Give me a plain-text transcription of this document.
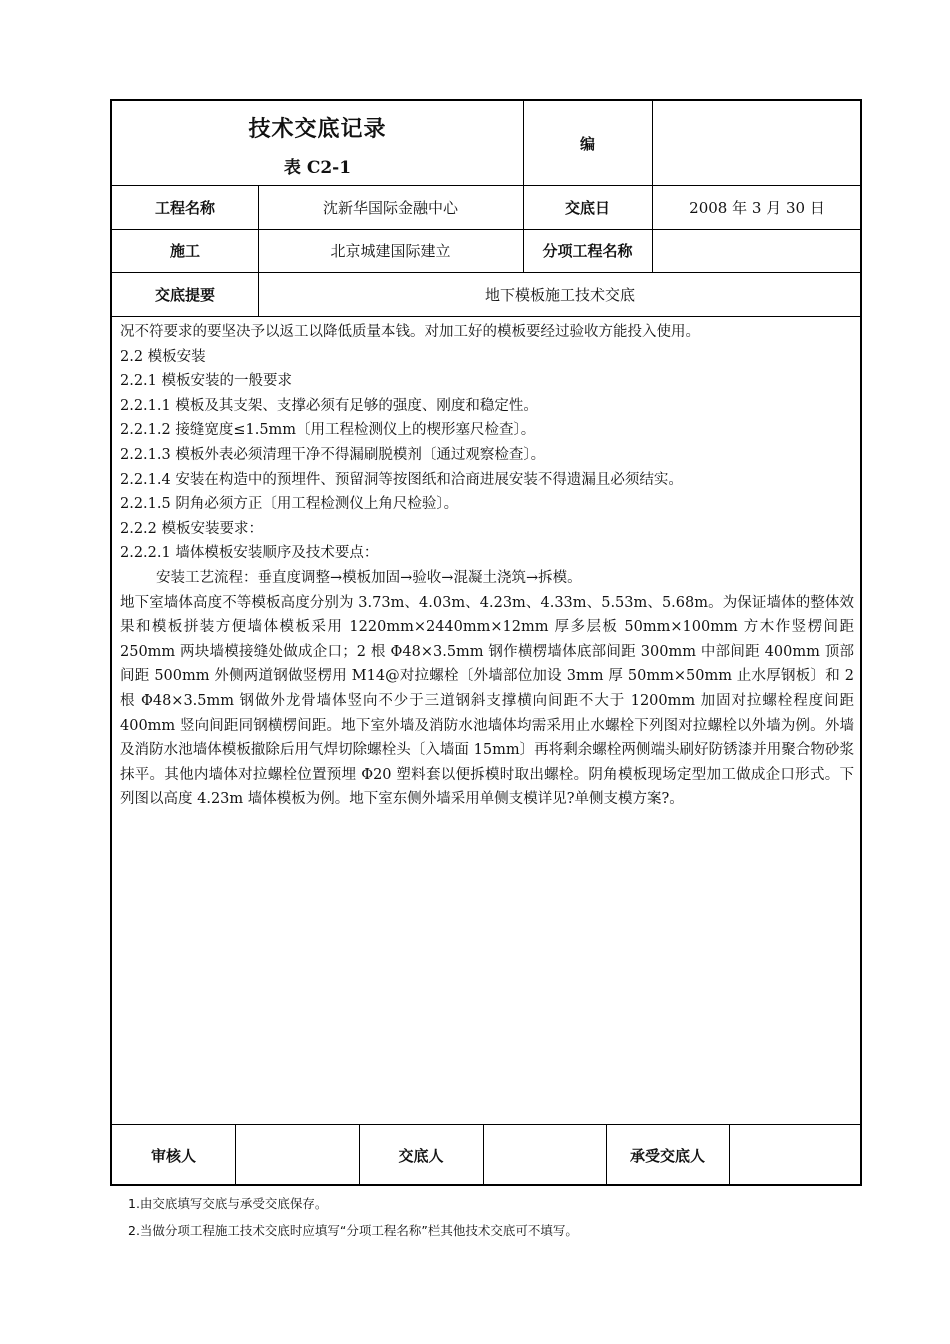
技术交底记录
表 C2-1
编
工程名称	沈新华国际金融中心	交底日	2008 年 3 月 30 日
施工	北京城建国际建立	分项工程名称
交底提要	地下模板施工技术交底

况不符要求的要坚决予以返工以降低质量本钱。对加工好的模板要经过验收方能投入使用。

2.2 模板安装

2.2.1 模板安装的一般要求

2.2.1.1 模板及其支架、支撑必须有足够的强度、刚度和稳定性。

2.2.1.2 接缝宽度≤1.5mm〔用工程检测仪上的楔形塞尺检查〕。

2.2.1.3 模板外表必须清理干净不得漏刷脱模剂〔通过观察检查〕。

2.2.1.4 安装在构造中的预埋件、预留洞等按图纸和洽商进展安装不得遗漏且必须结实。

2.2.1.5 阴角必须方正〔用工程检测仪上角尺检验〕。

2.2.2 模板安装要求：

2.2.2.1 墙体模板安装顺序及技术要点：

安装工艺流程：垂直度调整→模板加固→验收→混凝土浇筑→拆模。

地下室墙体高度不等模板高度分别为 3.73m、4.03m、4.23m、4.33m、5.53m、5.68m。为保证墙体的整体效果和模板拼装方便墙体模板采用 1220mm×2440mm×12mm 厚多层板 50mm×100mm 方木作竖楞间距 250mm 两块墙模接缝处做成企口；2 根 Φ48×3.5mm 钢作横楞墙体底部间距 300mm 中部间距 400mm 顶部间距 500mm 外侧两道钢做竖楞用 M14@对拉螺栓〔外墙部位加设 3mm 厚 50mm×50mm 止水厚钢板〕和 2 根 Φ48×3.5mm 钢做外龙骨墙体竖向不少于三道钢斜支撑横向间距不大于 1200mm 加固对拉螺栓程度间距 400mm 竖向间距同钢横楞间距。地下室外墙及消防水池墙体均需采用止水螺栓下列图对拉螺栓以外墙为例。外墙及消防水池墙体模板撤除后用气焊切除螺栓头〔入墙面 15mm〕再将剩余螺栓两侧端头刷好防锈漆并用聚合物砂浆抹平。其他内墙体对拉螺栓位置预埋 Φ20 塑料套以便拆模时取出螺栓。阴角模板现场定型加工做成企口形式。下列图以高度 4.23m 墙体模板为例。地下室东侧外墙采用单侧支模详见?单侧支模方案?。

审核人	交底人	承受交底人

1.由交底填写交底与承受交底保存。

2.当做分项工程施工技术交底时应填写“分项工程名称”栏其他技术交底可不填写。
